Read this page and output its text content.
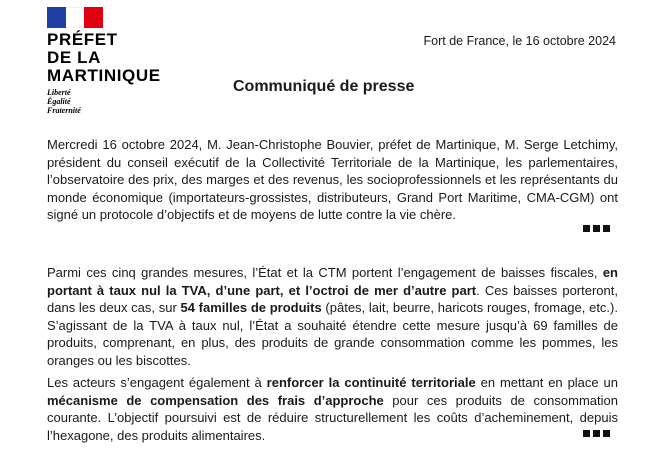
PRÉFET
DE LA
MARTINIQUE
Liberté
Égalité
Fraternité
Fort de France, le 16 octobre 2024
Communiqué de presse
Mercredi 16 octobre 2024, M. Jean-Christophe Bouvier, préfet de Martinique, M. Serge Letchimy, président du conseil exécutif de la Collectivité Territoriale de la Martinique, les parlementaires, l’observatoire des prix, des marges et des revenus, les socioprofessionnels et les représentants du monde économique (importateurs-grossistes, distributeurs, Grand Port Maritime, CMA-CGM) ont signé un protocole d’objectifs et de moyens de lutte contre la vie chère.
Parmi ces cinq grandes mesures, l’État et la CTM portent l’engagement de baisses fiscales, en portant à taux nul la TVA, d’une part, et l’octroi de mer d’autre part. Ces baisses porteront, dans les deux cas, sur 54 familles de produits (pâtes, lait, beurre, haricots rouges, fromage, etc.). S’agissant de la TVA à taux nul, l’État a souhaité étendre cette mesure jusqu’à 69 familles de produits, comprenant, en plus, des produits de grande consommation comme les pommes, les oranges ou les biscottes.
Les acteurs s’engagent également à renforcer la continuité territoriale en mettant en place un mécanisme de compensation des frais d’approche pour ces produits de consommation courante. L’objectif poursuivi est de réduire structurellement les coûts d’acheminement, depuis l’hexagone, des produits alimentaires.
